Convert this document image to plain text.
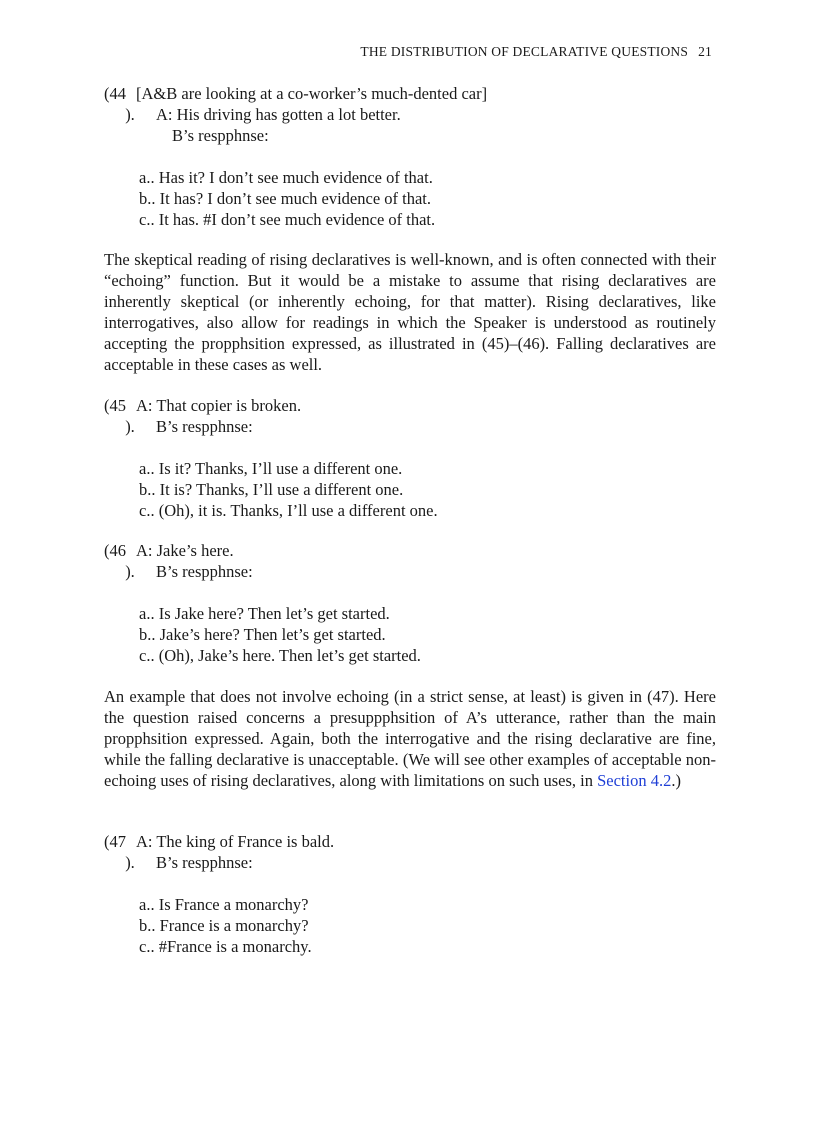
THE DISTRIBUTION OF DECLARATIVE QUESTIONS 21
(44 [A&B are looking at a co-worker’s much-dented car]
).	A: His driving has gotten a lot better.
B’s respphnse:
a.. Has it? I don’t see much evidence of that.
b.. It has? I don’t see much evidence of that.
c.. It has. #I don’t see much evidence of that.
The skeptical reading of rising declaratives is well-known, and is often connected with their “echoing” function. But it would be a mistake to assume that rising declaratives are inherently skeptical (or inherently echoing, for that matter). Rising declaratives, like interrogatives, also allow for readings in which the Speaker is understood as routinely accepting the propphsition expressed, as illustrated in (45)–(46). Falling declaratives are acceptable in these cases as well.
(45 A: That copier is broken.
).	B’s respphnse:
a.. Is it? Thanks, I’ll use a different one.
b.. It is? Thanks, I’ll use a different one.
c.. (Oh), it is. Thanks, I’ll use a different one.
(46 A: Jake’s here.
).	B’s respphnse:
a.. Is Jake here? Then let’s get started.
b.. Jake’s here? Then let’s get started.
c.. (Oh), Jake’s here. Then let’s get started.
An example that does not involve echoing (in a strict sense, at least) is given in (47). Here the question raised concerns a presuppphsition of A’s utterance, rather than the main propphsition expressed. Again, both the interrogative and the rising declarative are fine, while the falling declarative is unacceptable. (We will see other examples of acceptable non-echoing uses of rising declaratives, along with limitations on such uses, in Section 4.2.)
(47 A: The king of France is bald.
).	B’s respphnse:
a.. Is France a monarchy?
b.. France is a monarchy?
c.. #France is a monarchy.
